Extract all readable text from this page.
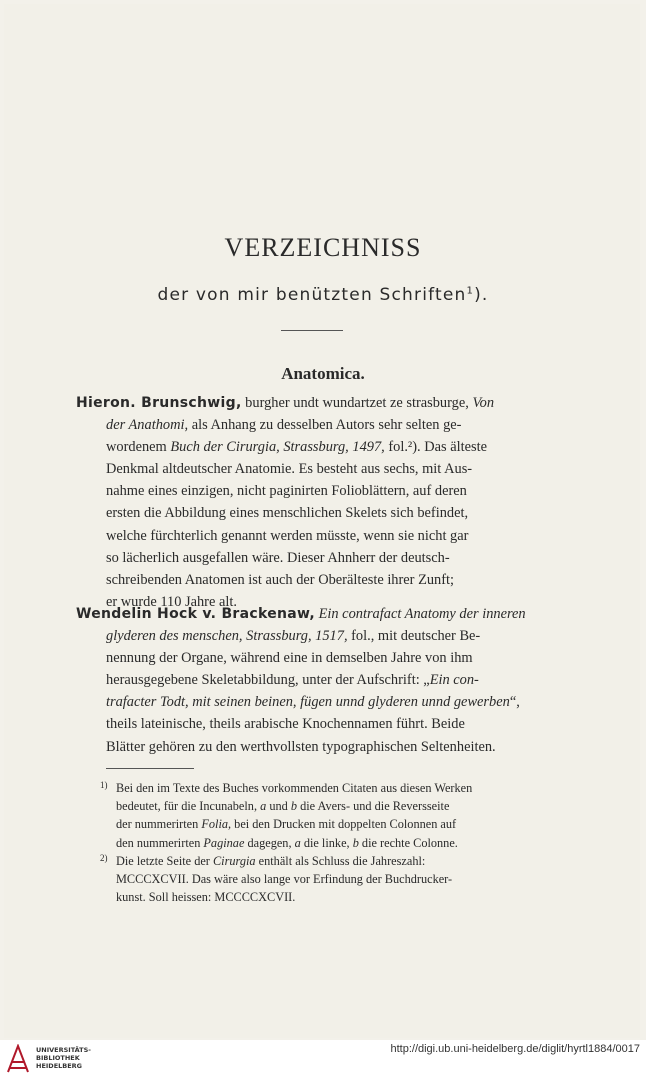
VERZEICHNISS
der von mir benützten Schriften$^1$).
Anatomica.
Hieron. Brunschwig, burgher undt wundartzet ze strasburge, Von
der Anathomi, als Anhang zu desselben Autors sehr selten ge-
wordenem Buch der Cirurgia, Strassburg, 1497, fol.²). Das älteste
Denkmal altdeutscher Anatomie. Es besteht aus sechs, mit Aus-
nahme eines einzigen, nicht paginirten Folioblättern, auf deren
ersten die Abbildung eines menschlichen Skelets sich befindet,
welche fürchterlich genannt werden müsste, wenn sie nicht gar
so lächerlich ausgefallen wäre. Dieser Ahnherr der deutsch-
schreibenden Anatomen ist auch der Oberälteste ihrer Zunft;
er wurde 110 Jahre alt.
Wendelin Hock v. Brackenaw, Ein contrafact Anatomy der inneren
glyderen des menschen, Strassburg, 1517, fol., mit deutscher Be-
nennung der Organe, während eine in demselben Jahre von ihm
herausgegebene Skeletabbildung, unter der Aufschrift: „Ein con-
trafacter Todt, mit seinen beinen, fügen unnd glyderen unnd gewerben“,
theils lateinische, theils arabische Knochennamen führt. Beide
Blätter gehören zu den werthvollsten typographischen Seltenheiten.
1) Bei den im Texte des Buches vorkommenden Citaten aus diesen Werken
bedeutet, für die Incunabeln, a und b die Avers- und die Reversseite
der nummerirten Folia, bei den Drucken mit doppelten Colonnen auf
den nummerirten Paginae dagegen, a die linke, b die rechte Colonne.
2) Die letzte Seite der Cirurgia enthält als Schluss die Jahreszahl:
MCCCXCVII. Das wäre also lange vor Erfindung der Buchdrucker-
kunst. Soll heissen: MCCCCXCVII.
UNIVERSITÄTS-
BIBLIOTHEK
HEIDELBERG
http://digi.ub.uni-heidelberg.de/diglit/hyrtl1884/0017
